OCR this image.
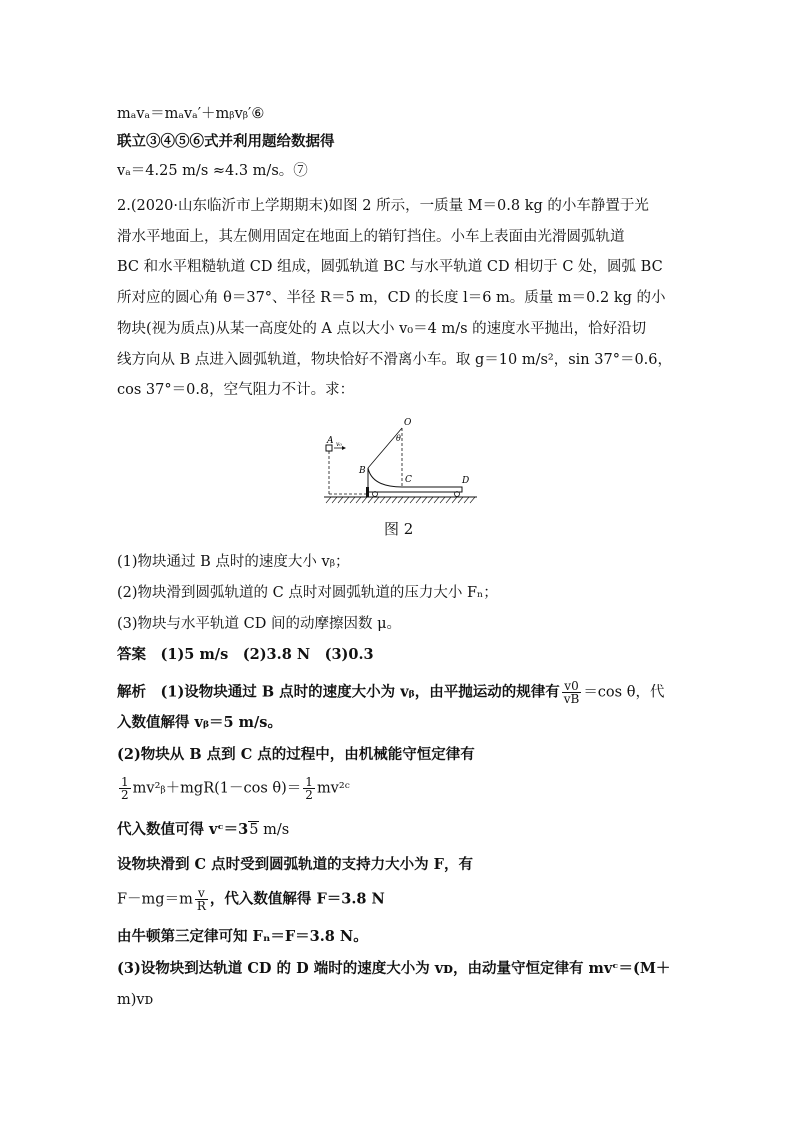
mₐvₐ＝mₐvₐ′＋mᵦvᵦ′⑥
联立③④⑤⑥式并利用题给数据得
vₐ＝4.25 m/s ≈4.3 m/s。⑦
2.(2020·山东临沂市上学期期末)如图 2 所示，一质量 M＝0.8 kg 的小车静置于光
滑水平地面上，其左侧用固定在地面上的销钉挡住。小车上表面由光滑圆弧轨道
BC 和水平粗糙轨道 CD 组成，圆弧轨道 BC 与水平轨道 CD 相切于 C 处，圆弧 BC
所对应的圆心角 θ＝37°、半径 R＝5 m，CD 的长度 l＝6 m。质量 m＝0.2 kg 的小
物块(视为质点)从某一高度处的 A 点以大小 v₀＝4 m/s 的速度水平抛出，恰好沿切
线方向从 B 点进入圆弧轨道，物块恰好不滑离小车。取 g＝10 m/s²，sin 37°＝0.6，
cos 37°＝0.8，空气阻力不计。求：
O
θ
A v₀
B
C	D
图 2
(1)物块通过 B 点时的速度大小 vᵦ；
(2)物块滑到圆弧轨道的 C 点时对圆弧轨道的压力大小 Fₙ；
(3)物块与水平轨道 CD 间的动摩擦因数 μ。
答案　(1)5 m/s　(2)3.8 N　(3)0.3
解析　(1)设物块通过 B 点时的速度大小为 vᵦ，由平抛运动的规律有 $\frac{v0}{vB} =\cos$ θ，代
入数值解得 vᵦ＝5 m/s。
(2)物块从 B 点到 C 点的过程中，由机械能守恒定律有
$\frac{1}{2}$ mv²ᵦ＋mgR(1－cos $\theta)= \frac{1}{2}$ mv²ᶜ
代入数值可得 vᶜ＝35 m/s
设物块滑到 C 点时受到圆弧轨道的支持力大小为 F，有
$F-mg=m \frac{v}{R}$ ，代入数值解得 F＝3.8 N
由牛顿第三定律可知 Fₙ＝F＝3.8 N。
(3)设物块到达轨道 CD 的 D 端时的速度大小为 vᴅ，由动量守恒定律有 mvᶜ＝(M＋
m)vᴅ
